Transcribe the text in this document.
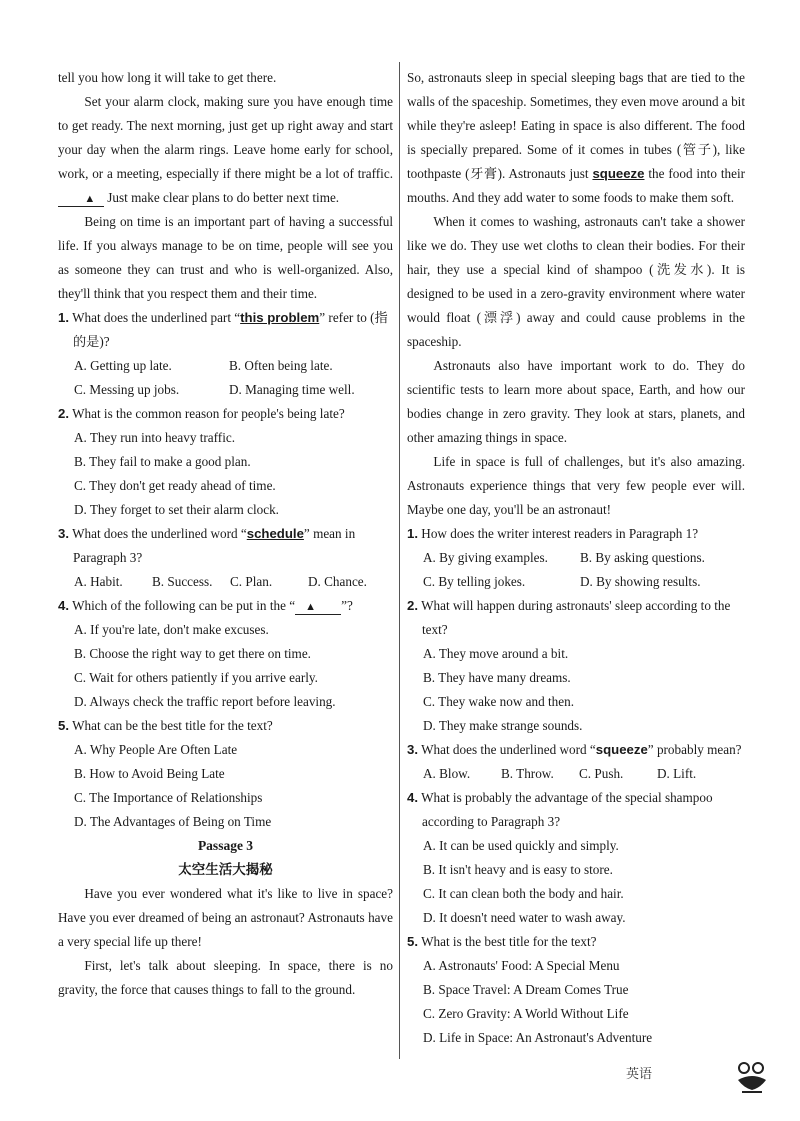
tell you how long it will take to get there.

Set your alarm clock, making sure you have enough time to get ready. The next morning, just get up right away and start your day when the alarm rings. Leave home early for school, work, or a meeting, especially if there might be a lot of traffic. ▲ Just make clear plans to do better next time.

Being on time is an important part of having a successful life. If you always manage to be on time, people will see you as someone they can trust and who is well-organized. Also, they'll think that you respect them and their time.

1. What does the underlined part “this problem” refer to (指的是)?

A. Getting up late.	B. Often being late.
C. Messing up jobs.	D. Managing time well.

2. What is the common reason for people's being late?

A. They run into heavy traffic.

B. They fail to make a good plan.

C. They don't get ready ahead of time.

D. They forget to set their alarm clock.

3. What does the underlined word “schedule” mean in Paragraph 3?

A. Habit.	B. Success.	C. Plan.	D. Chance.

4. Which of the following can be put in the “ ▲ ”?

A. If you're late, don't make excuses.

B. Choose the right way to get there on time.

C. Wait for others patiently if you arrive early.

D. Always check the traffic report before leaving.

5. What can be the best title for the text?

A. Why People Are Often Late

B. How to Avoid Being Late

C. The Importance of Relationships

D. The Advantages of Being on Time

Passage 3

太空生活大揭秘

Have you ever wondered what it's like to live in space? Have you ever dreamed of being an astronaut? Astronauts have a very special life up there!

First, let's talk about sleeping. In space, there is no gravity, the force that causes things to fall to the ground.

So, astronauts sleep in special sleeping bags that are tied to the walls of the spaceship. Sometimes, they even move around a bit while they're asleep! Eating in space is also different. The food is specially prepared. Some of it comes in tubes (管子), like toothpaste (牙膏). Astronauts just squeeze the food into their mouths. And they add water to some foods to make them soft.

When it comes to washing, astronauts can't take a shower like we do. They use wet cloths to clean their bodies. For their hair, they use a special kind of shampoo (洗发水). It is designed to be used in a zero-gravity environment where water would float (漂浮) away and could cause problems in the spaceship.

Astronauts also have important work to do. They do scientific tests to learn more about space, Earth, and how our bodies change in zero gravity. They look at stars, planets, and other amazing things in space.

Life in space is full of challenges, but it's also amazing. Astronauts experience things that very few people ever will. Maybe one day, you'll be an astronaut!

1. How does the writer interest readers in Paragraph 1?

A. By giving examples.	B. By asking questions.
C. By telling jokes.	D. By showing results.

2. What will happen during astronauts' sleep according to the text?

A. They move around a bit.

B. They have many dreams.

C. They wake now and then.

D. They make strange sounds.

3. What does the underlined word “squeeze” probably mean?

A. Blow.	B. Throw.	C. Push.	D. Lift.

4. What is probably the advantage of the special shampoo according to Paragraph 3?

A. It can be used quickly and simply.

B. It isn't heavy and is easy to store.

C. It can clean both the body and hair.

D. It doesn't need water to wash away.

5. What is the best title for the text?

A. Astronauts' Food: A Special Menu

B. Space Travel: A Dream Comes True

C. Zero Gravity: A World Without Life

D. Life in Space: An Astronaut's Adventure

英语
